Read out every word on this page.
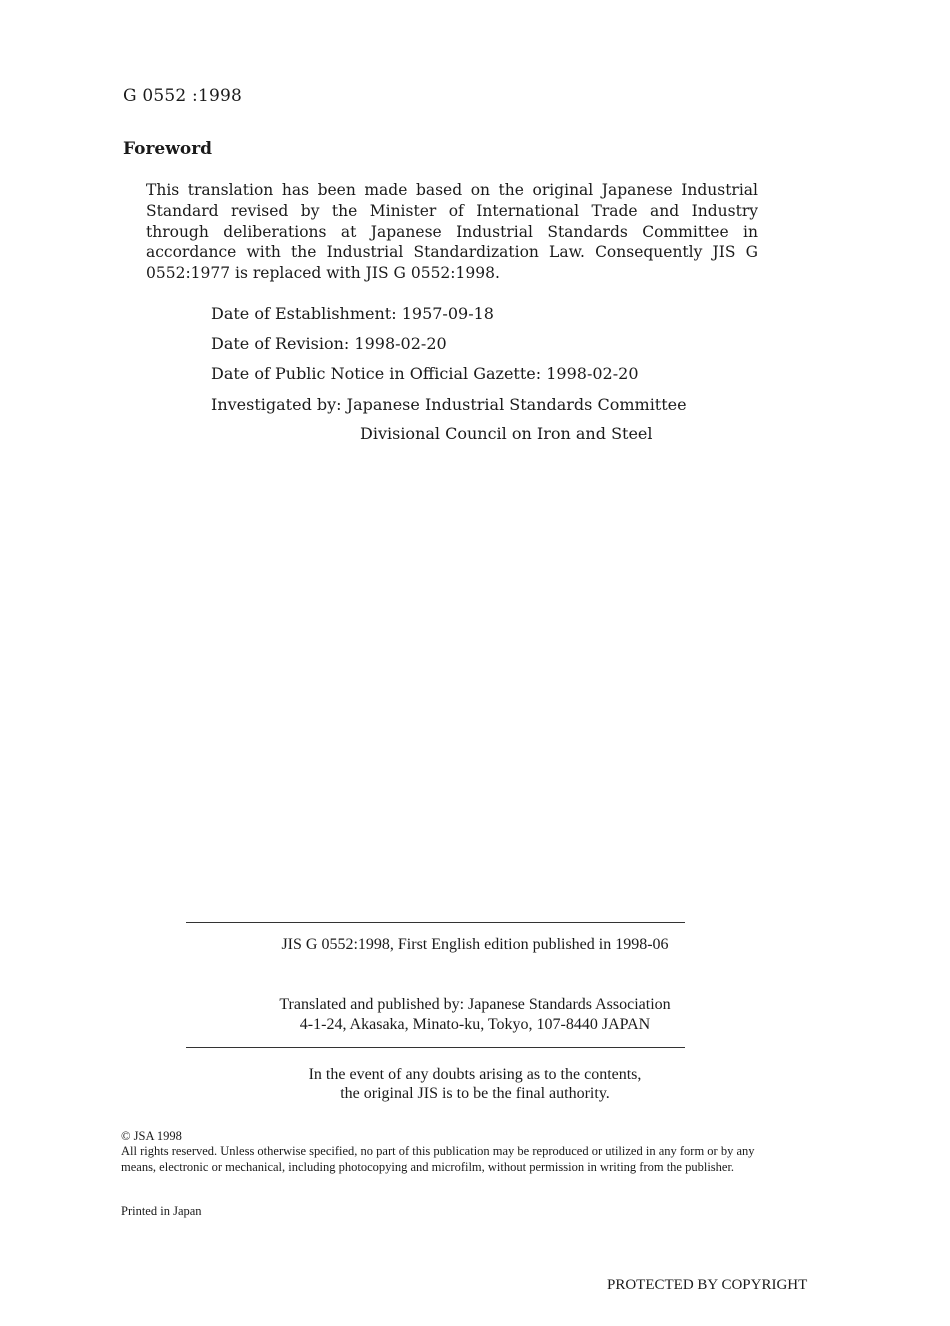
G 0552 :1998
Foreword
This translation has been made based on the original Japanese Industrial Standard revised by the Minister of International Trade and Industry through deliberations at Japanese Industrial Standards Committee in accordance with the Industrial Standardization Law. Consequently JIS G 0552:1977 is replaced with JIS G 0552:1998.
Date of Establishment: 1957-09-18
Date of Revision: 1998-02-20
Date of Public Notice in Official Gazette: 1998-02-20
Investigated by: Japanese Industrial Standards Committee
Divisional Council on Iron and Steel
JIS G 0552:1998, First English edition published in 1998-06
Translated and published by: Japanese Standards Association
4-1-24, Akasaka, Minato-ku, Tokyo, 107-8440 JAPAN
In the event of any doubts arising as to the contents,
the original JIS is to be the final authority.
© JSA 1998
All rights reserved. Unless otherwise specified, no part of this publication may be reproduced or utilized in any form or by any means, electronic or mechanical, including photocopying and microfilm, without permission in writing from the publisher.
Printed in Japan
PROTECTED BY COPYRIGHT
